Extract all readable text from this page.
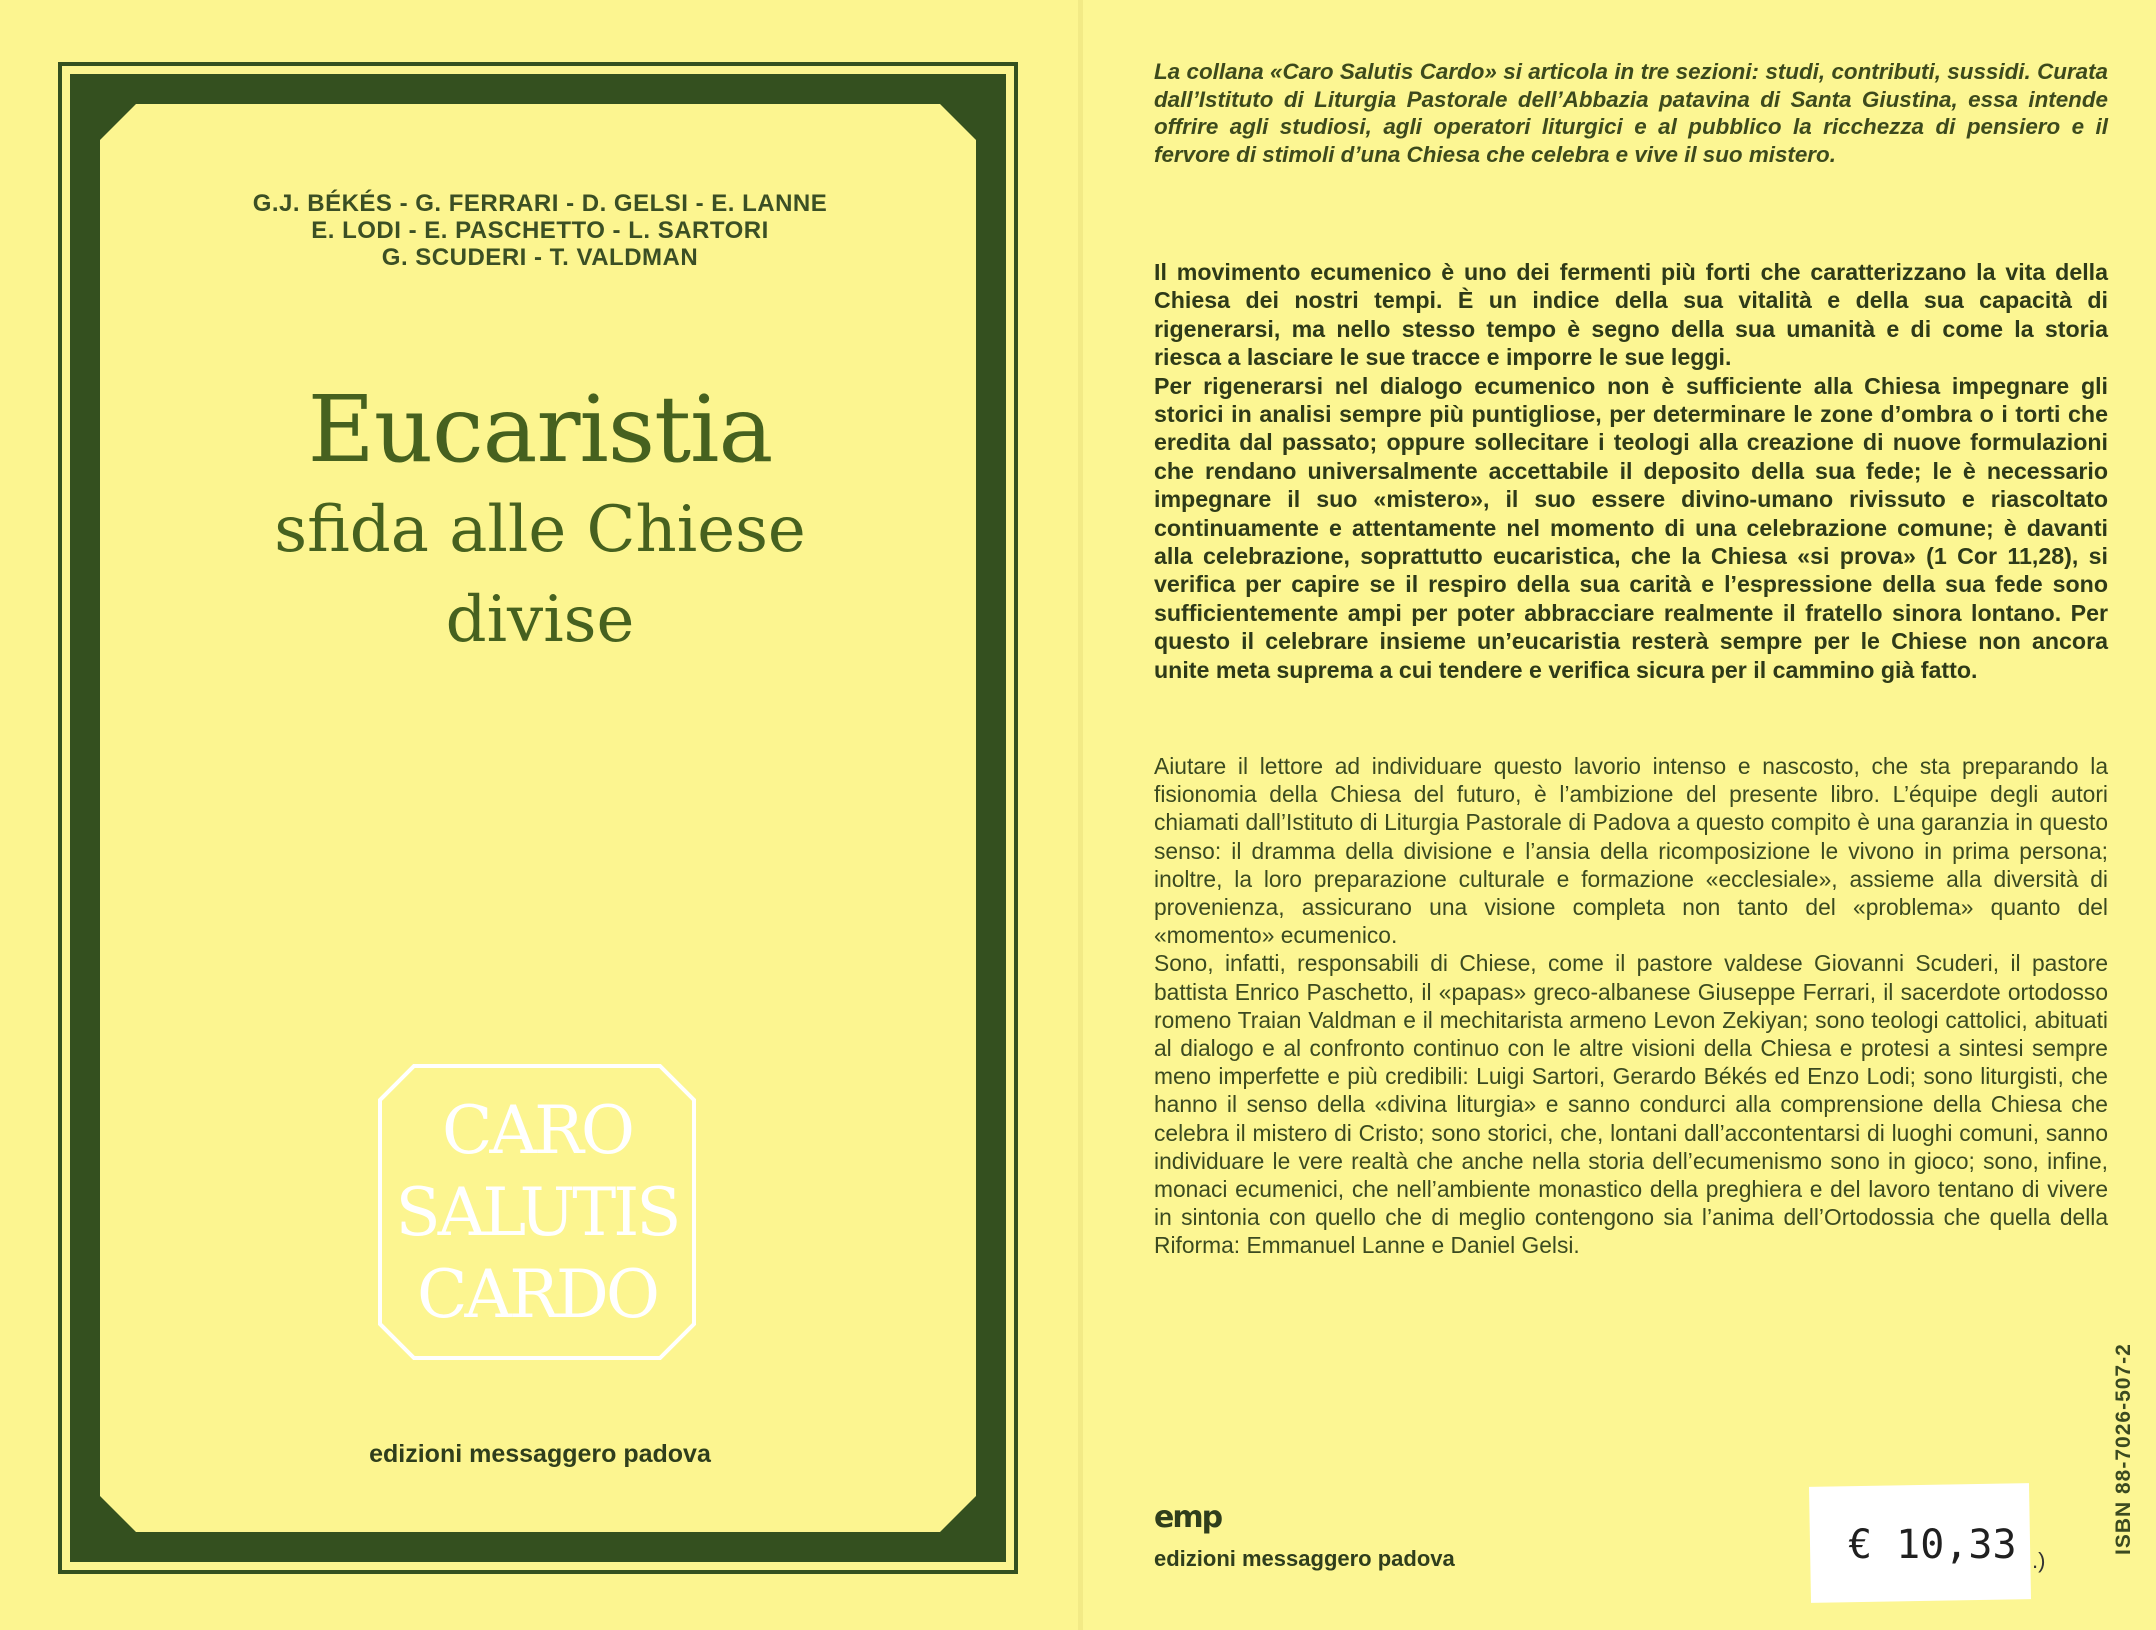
G.J. BÉKÉS - G. FERRARI - D. GELSI - E. LANNE
E. LODI - E. PASCHETTO - L. SARTORI
G. SCUDERI - T. VALDMAN
Eucaristia
sfida alle Chiese
divise
CARO
SALUTIS
CARDO
edizioni messaggero padova
La collana «Caro Salutis Cardo» si articola in tre sezioni: studi, contributi, sussidi. Curata dall’Istituto di Liturgia Pastorale dell’Abbazia patavina di Santa Giustina, essa intende offrire agli studiosi, agli operatori liturgici e al pubblico la ricchezza di pensiero e il fervore di stimoli d’una Chiesa che celebra e vive il suo mistero.

Il movimento ecumenico è uno dei fermenti più forti che caratterizzano la vita della Chiesa dei nostri tempi. È un indice della sua vitalità e della sua capacità di rigenerarsi, ma nello stesso tempo è segno della sua umanità e di come la storia riesca a lasciare le sue tracce e imporre le sue leggi.

Per rigenerarsi nel dialogo ecumenico non è sufficiente alla Chiesa impegnare gli storici in analisi sempre più puntigliose, per determinare le zone d’ombra o i torti che eredita dal passato; oppure sollecitare i teologi alla creazione di nuove formulazioni che rendano universalmente accettabile il deposito della sua fede; le è necessario impegnare il suo «mistero», il suo essere divino-umano rivissuto e riascoltato continuamente e attentamente nel momento di una celebrazione comune; è davanti alla celebrazione, soprattutto eucaristica, che la Chiesa «si prova» (1 Cor 11,28), si verifica per capire se il respiro della sua carità e l’espressione della sua fede sono sufficientemente ampi per poter abbracciare realmente il fratello sinora lontano. Per questo il celebrare insieme un’eucaristia resterà sempre per le Chiese non ancora unite meta suprema a cui tendere e verifica sicura per il cammino già fatto.

Aiutare il lettore ad individuare questo lavorio intenso e nascosto, che sta preparando la fisionomia della Chiesa del futuro, è l’ambizione del presente libro. L’équipe degli autori chiamati dall’Istituto di Liturgia Pastorale di Padova a questo compito è una garanzia in questo senso: il dramma della divisione e l’ansia della ricomposizione le vivono in prima persona; inoltre, la loro preparazione culturale e formazione «ecclesiale», assieme alla diversità di provenienza, assicurano una visione completa non tanto del «problema» quanto del «momento» ecumenico.

Sono, infatti, responsabili di Chiese, come il pastore valdese Giovanni Scuderi, il pastore battista Enrico Paschetto, il «papas» greco-albanese Giuseppe Ferrari, il sacerdote ortodosso romeno Traian Valdman e il mechitarista armeno Levon Zekiyan; sono teologi cattolici, abituati al dialogo e al confronto continuo con le altre visioni della Chiesa e protesi a sintesi sempre meno imperfette e più credibili: Luigi Sartori, Gerardo Békés ed Enzo Lodi; sono liturgisti, che hanno il senso della «divina liturgia» e sanno condurci alla comprensione della Chiesa che celebra il mistero di Cristo; sono storici, che, lontani dall’accontentarsi di luoghi comuni, sanno individuare le vere realtà che anche nella storia dell’ecumenismo sono in gioco; sono, infine, monaci ecumenici, che nell’ambiente monastico della preghiera e del lavoro tentano di vivere in sintonia con quello che di meglio contengono sia l’anima dell’Ortodossia che quella della Riforma: Emmanuel Lanne e Daniel Gelsi.

emp
edizioni messaggero padova	€ 10,33 .)
ISBN 88-7026-507-2
